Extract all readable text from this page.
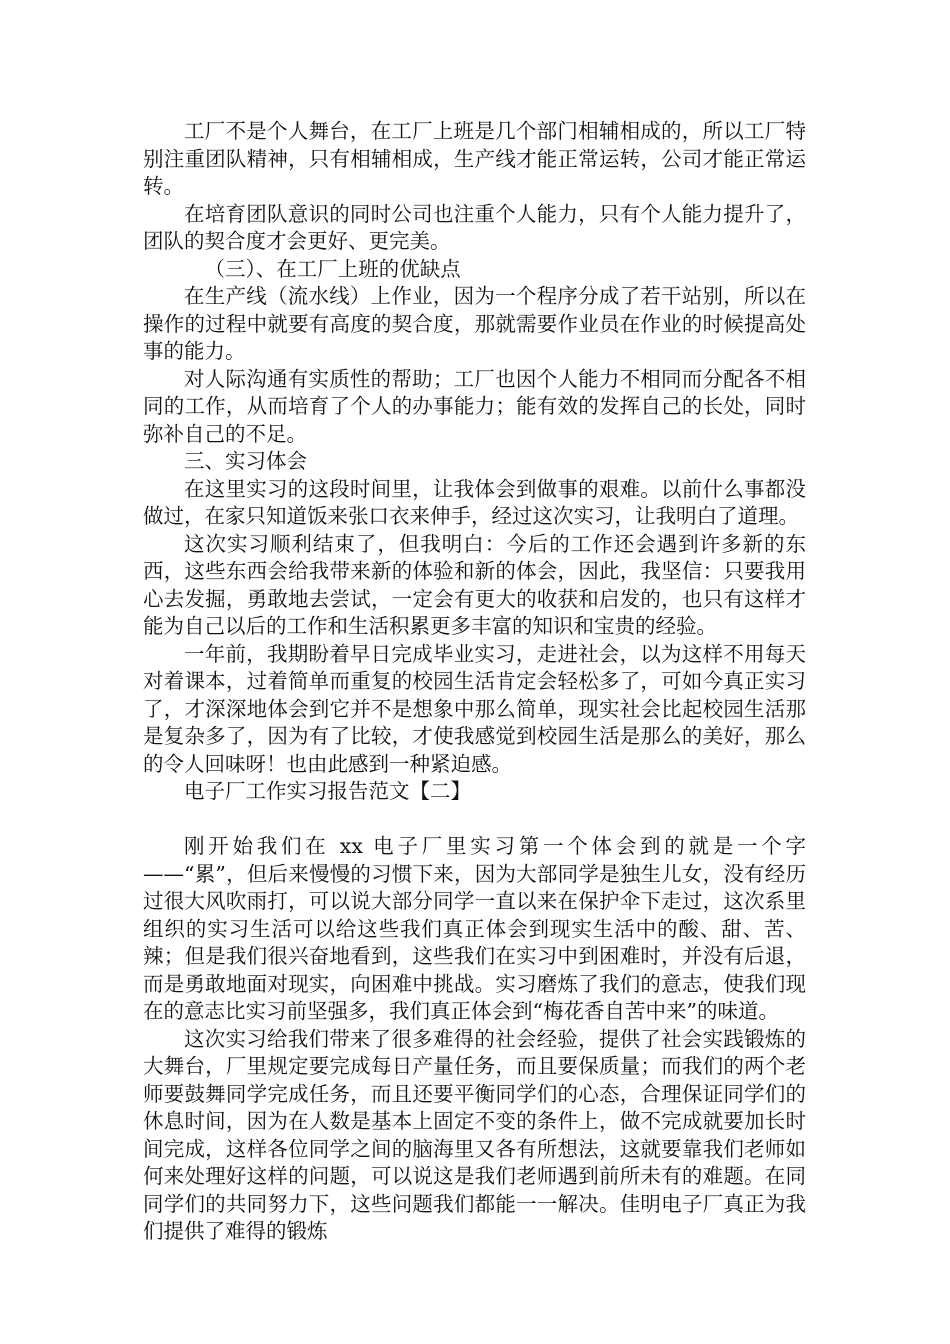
工厂不是个人舞台，在工厂上班是几个部门相辅相成的，所以工厂特别注重团队精神，只有相辅相成，生产线才能正常运转，公司才能正常运转。

在培育团队意识的同时公司也注重个人能力，只有个人能力提升了，团队的契合度才会更好、更完美。

（三）、在工厂上班的优缺点

在生产线（流水线）上作业，因为一个程序分成了若干站别，所以在操作的过程中就要有高度的契合度，那就需要作业员在作业的时候提高处事的能力。

对人际沟通有实质性的帮助；工厂也因个人能力不相同而分配各不相同的工作，从而培育了个人的办事能力；能有效的发挥自己的长处，同时弥补自己的不足。

三、实习体会

在这里实习的这段时间里，让我体会到做事的艰难。以前什么事都没做过，在家只知道饭来张口衣来伸手，经过这次实习，让我明白了道理。

这次实习顺利结束了，但我明白：今后的工作还会遇到许多新的东西，这些东西会给我带来新的体验和新的体会，因此，我坚信：只要我用心去发掘，勇敢地去尝试，一定会有更大的收获和启发的，也只有这样才能为自己以后的工作和生活积累更多丰富的知识和宝贵的经验。

一年前，我期盼着早日完成毕业实习，走进社会，以为这样不用每天对着课本，过着简单而重复的校园生活肯定会轻松多了，可如今真正实习了，才深深地体会到它并不是想象中那么简单，现实社会比起校园生活那是复杂多了，因为有了比较，才使我感觉到校园生活是那么的美好，那么的令人回味呀！也由此感到一种紧迫感。

电子厂工作实习报告范文【二】

刚开始我们在 xx 电子厂里实习第一个体会到的就是一个字——“累”，但后来慢慢的习惯下来，因为大部同学是独生儿女，没有经历过很大风吹雨打，可以说大部分同学一直以来在保护伞下走过，这次系里组织的实习生活可以给这些我们真正体会到现实生活中的酸、甜、苦、辣；但是我们很兴奋地看到，这些我们在实习中到困难时，并没有后退，而是勇敢地面对现实，向困难中挑战。实习磨炼了我们的意志，使我们现在的意志比实习前坚强多，我们真正体会到“梅花香自苦中来”的味道。

这次实习给我们带来了很多难得的社会经验，提供了社会实践锻炼的大舞台，厂里规定要完成每日产量任务，而且要保质量；而我们的两个老师要鼓舞同学完成任务，而且还要平衡同学们的心态，合理保证同学们的休息时间，因为在人数是基本上固定不变的条件上，做不完成就要加长时间完成，这样各位同学之间的脑海里又各有所想法，这就要靠我们老师如何来处理好这样的问题，可以说这是我们老师遇到前所未有的难题。在同同学们的共同努力下，这些问题我们都能一一解决。佳明电子厂真正为我们提供了难得的锻炼
